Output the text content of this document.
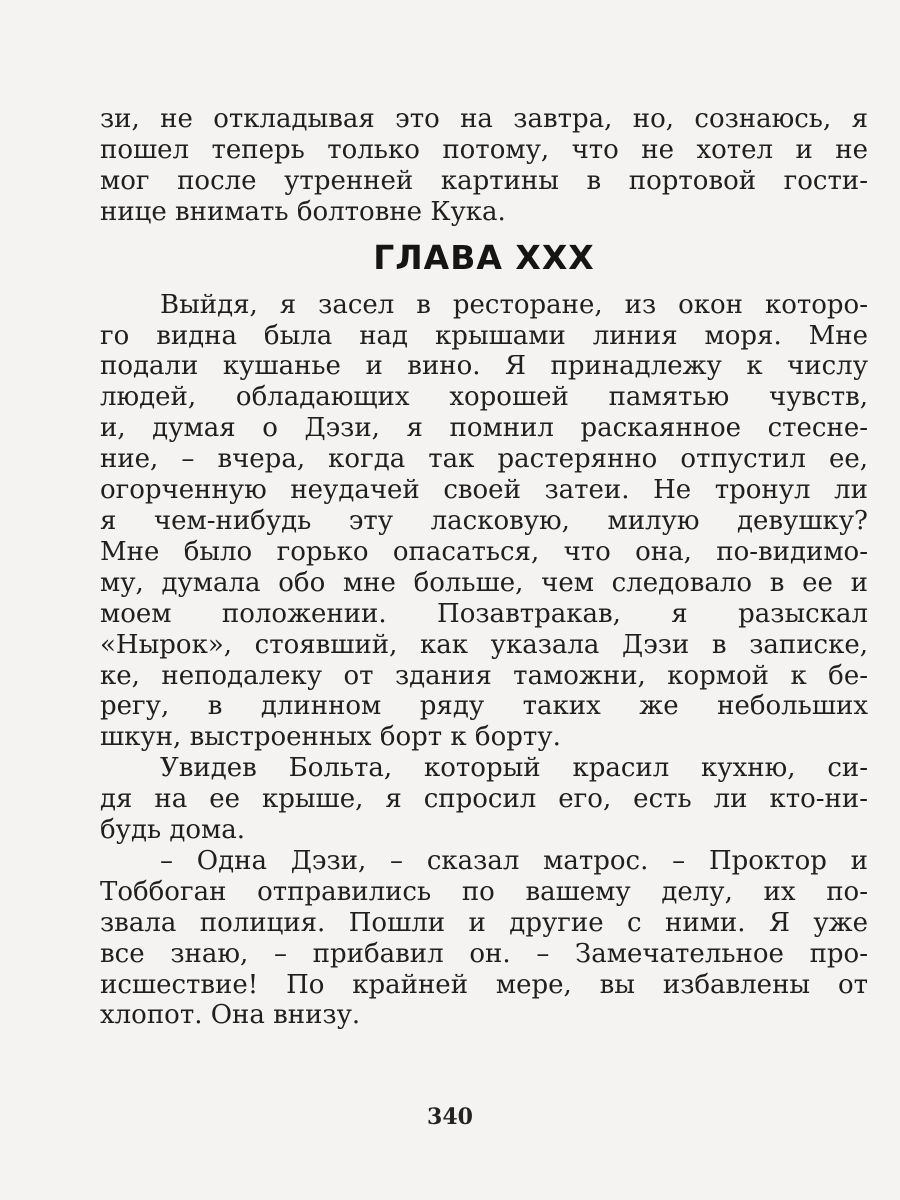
зи, не откладывая это на завтра, но, сознаюсь, я
пошел теперь только потому, что не хотел и не
мог после утренней картины в портовой гости-
нице внимать болтовне Кука.
ГЛАВА XXX
Выйдя, я засел в ресторане, из окон которо-
го видна была над крышами линия моря. Мне
подали кушанье и вино. Я принадлежу к числу
людей, обладающих хорошей памятью чувств,
и, думая о Дэзи, я помнил раскаянное стесне-
ние, – вчера, когда так растерянно отпустил ее,
огорченную неудачей своей затеи. Не тронул ли
я чем-нибудь эту ласковую, милую девушку?
Мне было горько опасаться, что она, по-видимо-
му, думала обо мне больше, чем следовало в ее и
моем положении. Позавтракав, я разыскал
«Нырок», стоявший, как указала Дэзи в записке,
ке, неподалеку от здания таможни, кормой к бе-
регу, в длинном ряду таких же небольших
шкун, выстроенных борт к борту.
Увидев Больта, который красил кухню, си-
дя на ее крыше, я спросил его, есть ли кто-ни-
будь дома.
– Одна Дэзи, – сказал матрос. – Проктор и
Тоббоган отправились по вашему делу, их по-
звала полиция. Пошли и другие с ними. Я уже
все знаю, – прибавил он. – Замечательное про-
исшествие! По крайней мере, вы избавлены от
хлопот. Она внизу.
340
